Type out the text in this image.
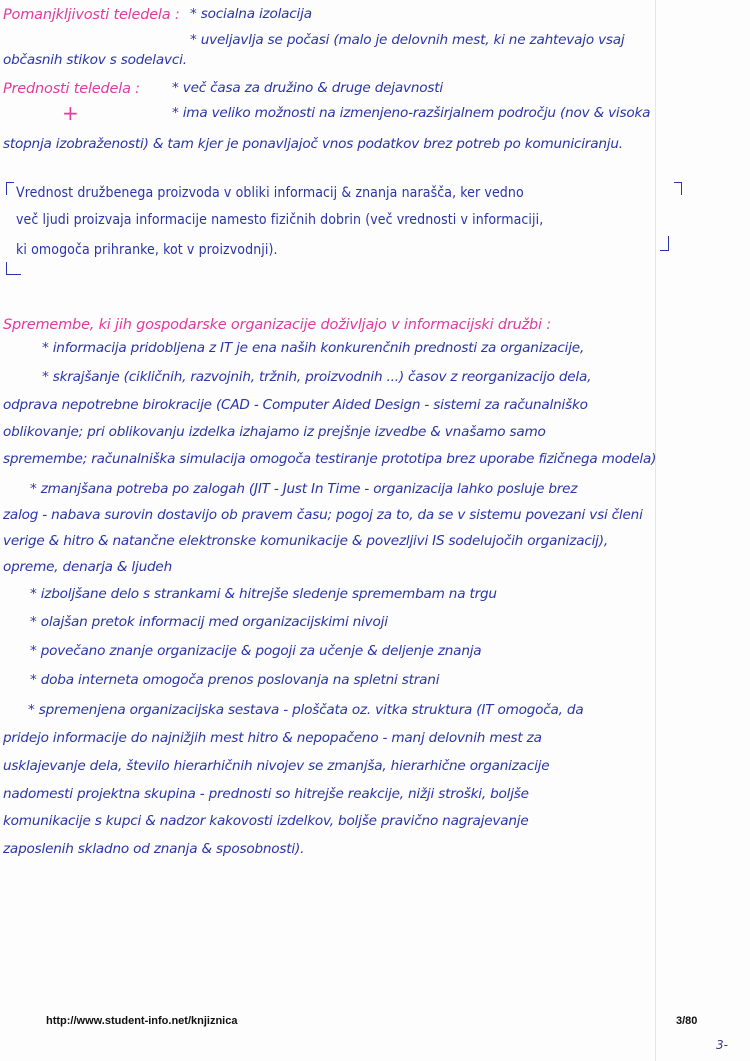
Pomanjkljivosti teledela : * socialna izolacija
* uveljavlja se počasi (malo je delovnih mest, ki ne zahtevajo vsaj
občasnih stikov s sodelavci.
Prednosti teledela :
+
* več časa za družino & druge dejavnosti
* ima veliko možnosti na izmenjeno-razširjalnem področju (nov & visoka
stopnja izobraženosti) & tam kjer je ponavljajoč vnos podatkov brez potreb po komuniciranju.
Vrednost družbenega proizvoda v obliki informacij & znanja narašča, ker vedno
več ljudi proizvaja informacije namesto fizičnih dobrin (več vrednosti v informaciji,
ki omogoča prihranke, kot v proizvodnji).
Spremembe, ki jih gospodarske organizacije doživljajo v informacijski družbi :
* informacija pridobljena z IT je ena naših konkurenčnih prednosti za organizacije,
* skrajšanje (cikličnih, razvojnih, tržnih, proizvodnih ...) časov z reorganizacijo dela,
odprava nepotrebne birokracije (CAD - Computer Aided Design - sistemi za računalniško
oblikovanje; pri oblikovanju izdelka izhajamo iz prejšnje izvedbe & vnašamo samo
spremembe; računalniška simulacija omogoča testiranje prototipa brez uporabe fizičnega modela)
* zmanjšana potreba po zalogah (JIT - Just In Time - organizacija lahko posluje brez
zalog - nabava surovin dostavijo ob pravem času; pogoj za to, da se v sistemu povezani vsi členi
verige & hitro & natančne elektronske komunikacije & povezljivi IS sodelujočih organizacij),
opreme, denarja & ljudeh
* izboljšane delo s strankami & hitrejše sledenje spremembam na trgu
* olajšan pretok informacij med organizacijskimi nivoji
* povečano znanje organizacije & pogoji za učenje & deljenje znanja
* doba interneta omogoča prenos poslovanja na spletni strani
* spremenjena organizacijska sestava - ploščata oz. vitka struktura (IT omogoča, da
pridejo informacije do najnižjih mest hitro & nepopačeno - manj delovnih mest za
usklajevanje dela, število hierarhičnih nivojev se zmanjša, hierarhične organizacije
nadomesti projektna skupina - prednosti so hitrejše reakcije, nižji stroški, boljše
komunikacije s kupci & nadzor kakovosti izdelkov, boljše pravično nagrajevanje
zaposlenih skladno od znanja & sposobnosti).
http://www.student-info.net/knjiznica	3/80
3-
